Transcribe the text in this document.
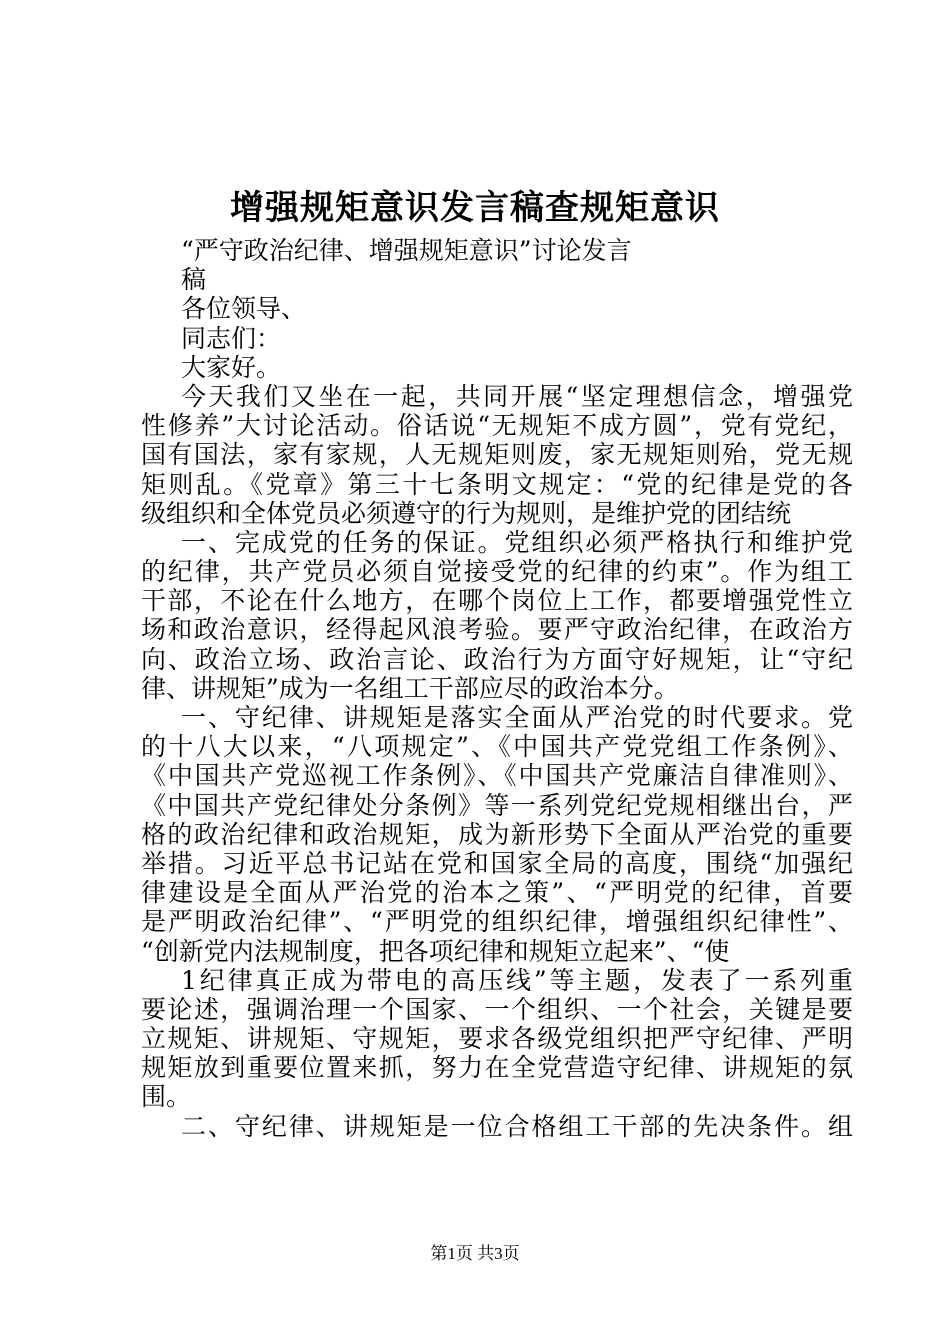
增强规矩意识发言稿查规矩意识
“严守政治纪律、增强规矩意识”讨论发言
稿
各位领导、
同志们：
大家好。
今天我们又坐在一起，共同开展“坚定理想信念，增强党
性修养”大讨论活动。俗话说“无规矩不成方圆”，党有党纪，
国有国法，家有家规，人无规矩则废，家无规矩则殆，党无规
矩则乱。《党章》第三十七条明文规定：“党的纪律是党的各
级组织和全体党员必须遵守的行为规则，是维护党的团结统
一、完成党的任务的保证。党组织必须严格执行和维护党
的纪律，共产党员必须自觉接受党的纪律的约束”。作为组工
干部，不论在什么地方，在哪个岗位上工作，都要增强党性立
场和政治意识，经得起风浪考验。要严守政治纪律，在政治方
向、政治立场、政治言论、政治行为方面守好规矩，让“守纪
律、讲规矩”成为一名组工干部应尽的政治本分。
一、守纪律、讲规矩是落实全面从严治党的时代要求。党
的十八大以来，“八项规定”、《中国共产党党组工作条例》、
《中国共产党巡视工作条例》、《中国共产党廉洁自律准则》、
《中国共产党纪律处分条例》等一系列党纪党规相继出台，严
格的政治纪律和政治规矩，成为新形势下全面从严治党的重要
举措。习近平总书记站在党和国家全局的高度，围绕“加强纪
律建设是全面从严治党的治本之策”、“严明党的纪律，首要
是严明政治纪律”、“严明党的组织纪律，增强组织纪律性”、
“创新党内法规制度，把各项纪律和规矩立起来”、“使
1纪律真正成为带电的高压线”等主题，发表了一系列重
要论述，强调治理一个国家、一个组织、一个社会，关键是要
立规矩、讲规矩、守规矩，要求各级党组织把严守纪律、严明
规矩放到重要位置来抓，努力在全党营造守纪律、讲规矩的氛
围。
二、守纪律、讲规矩是一位合格组工干部的先决条件。组
第1页 共3页
